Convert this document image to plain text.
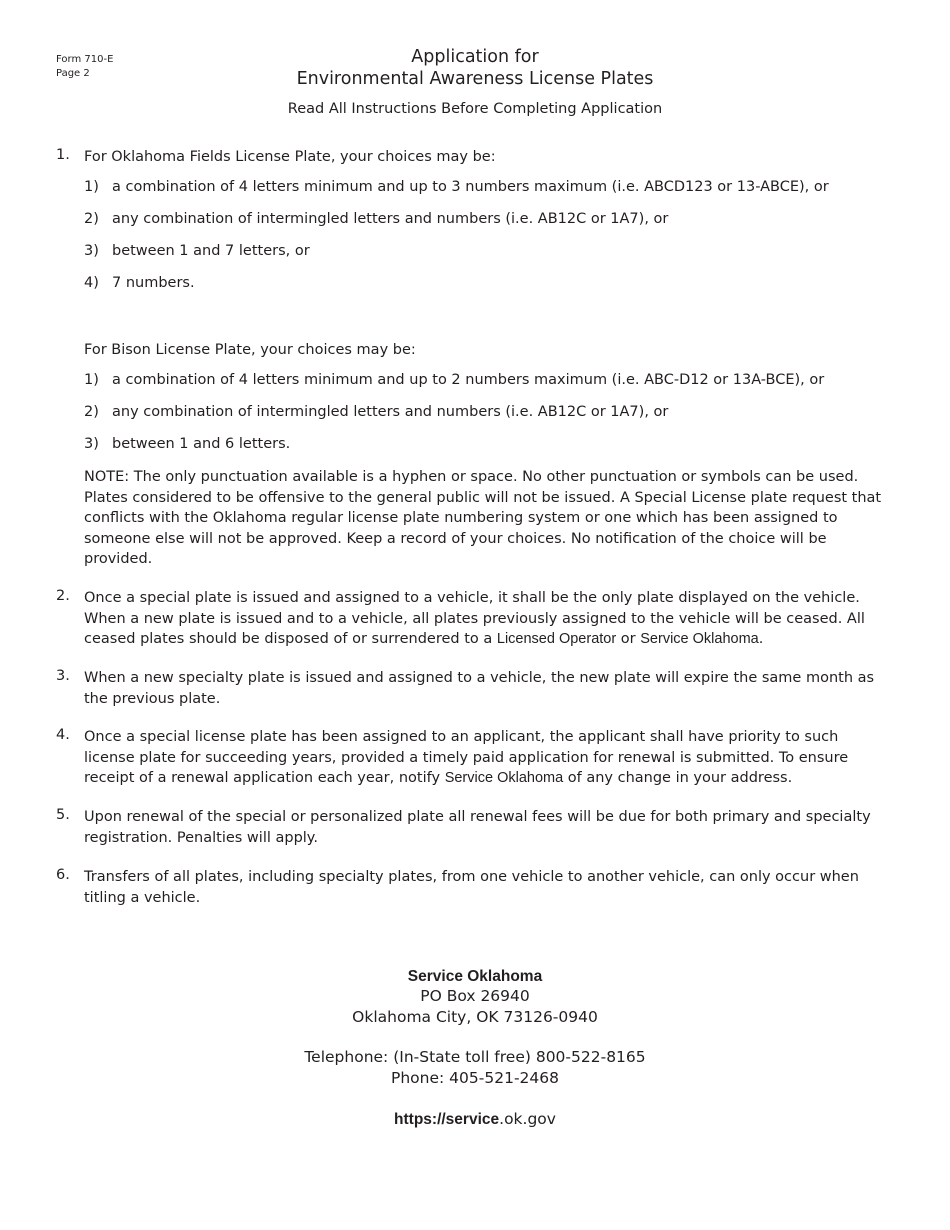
Form 710-E
Page 2
Application for
Environmental Awareness License Plates
Read All Instructions Before Completing Application
1. For Oklahoma Fields License Plate, your choices may be:
1) a combination of 4 letters minimum and up to 3 numbers maximum (i.e. ABCD123 or 13-ABCE), or
2) any combination of intermingled letters and numbers (i.e. AB12C or 1A7), or
3) between 1 and 7 letters, or
4) 7 numbers.
For Bison License Plate, your choices may be:
1) a combination of 4 letters minimum and up to 2 numbers maximum (i.e. ABC-D12 or 13A-BCE), or
2) any combination of intermingled letters and numbers (i.e. AB12C or 1A7), or
3) between 1 and 6 letters.
NOTE: The only punctuation available is a hyphen or space. No other punctuation or symbols can be used. Plates considered to be offensive to the general public will not be issued. A Special License plate request that conflicts with the Oklahoma regular license plate numbering system or one which has been assigned to someone else will not be approved. Keep a record of your choices. No notification of the choice will be provided.
2. Once a special plate is issued and assigned to a vehicle, it shall be the only plate displayed on the vehicle. When a new plate is issued and to a vehicle, all plates previously assigned to the vehicle will be ceased. All ceased plates should be disposed of or surrendered to a Licensed Operator or Service Oklahoma.
3. When a new specialty plate is issued and assigned to a vehicle, the new plate will expire the same month as the previous plate.
4. Once a special license plate has been assigned to an applicant, the applicant shall have priority to such license plate for succeeding years, provided a timely paid application for renewal is submitted. To ensure receipt of a renewal application each year, notify Service Oklahoma of any change in your address.
5. Upon renewal of the special or personalized plate all renewal fees will be due for both primary and specialty registration. Penalties will apply.
6. Transfers of all plates, including specialty plates, from one vehicle to another vehicle, can only occur when titling a vehicle.
Service Oklahoma
PO Box 26940
Oklahoma City, OK 73126-0940
Telephone: (In-State toll free) 800-522-8165
Phone: 405-521-2468
https://service.ok.gov
